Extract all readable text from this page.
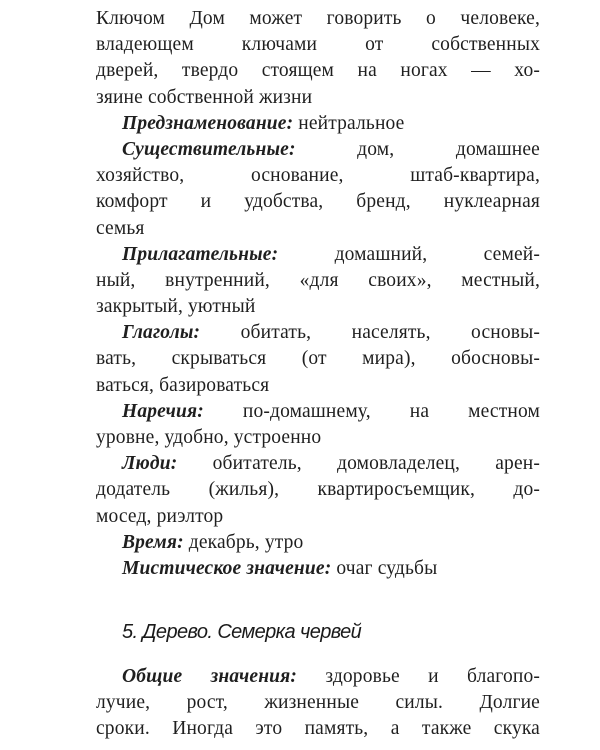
Ключом Дом может говорить о человеке,
владеющем ключами от собственных
дверей, твердо стоящем на ногах — хо-
зяине собственной жизни
Предзнаменование: нейтральное
Существительные: дом, домашнее
хозяйство, основание, штаб-квартира,
комфорт и удобства, бренд, нуклеарная
семья
Прилагательные: домашний, семей-
ный, внутренний, «для своих», местный,
закрытый, уютный
Глаголы: обитать, населять, основы-
вать, скрываться (от мира), обосновы-
ваться, базироваться
Наречия: по-домашнему, на местном
уровне, удобно, устроенно
Люди: обитатель, домовладелец, арен-
додатель (жилья), квартиросъемщик, до-
мосед, риэлтор
Время: декабрь, утро
Мистическое значение: очаг судьбы
5. Дерево. Семерка червей
Общие значения: здоровье и благопо-
лучие, рост, жизненные силы. Долгие
сроки. Иногда это память, а также скука
